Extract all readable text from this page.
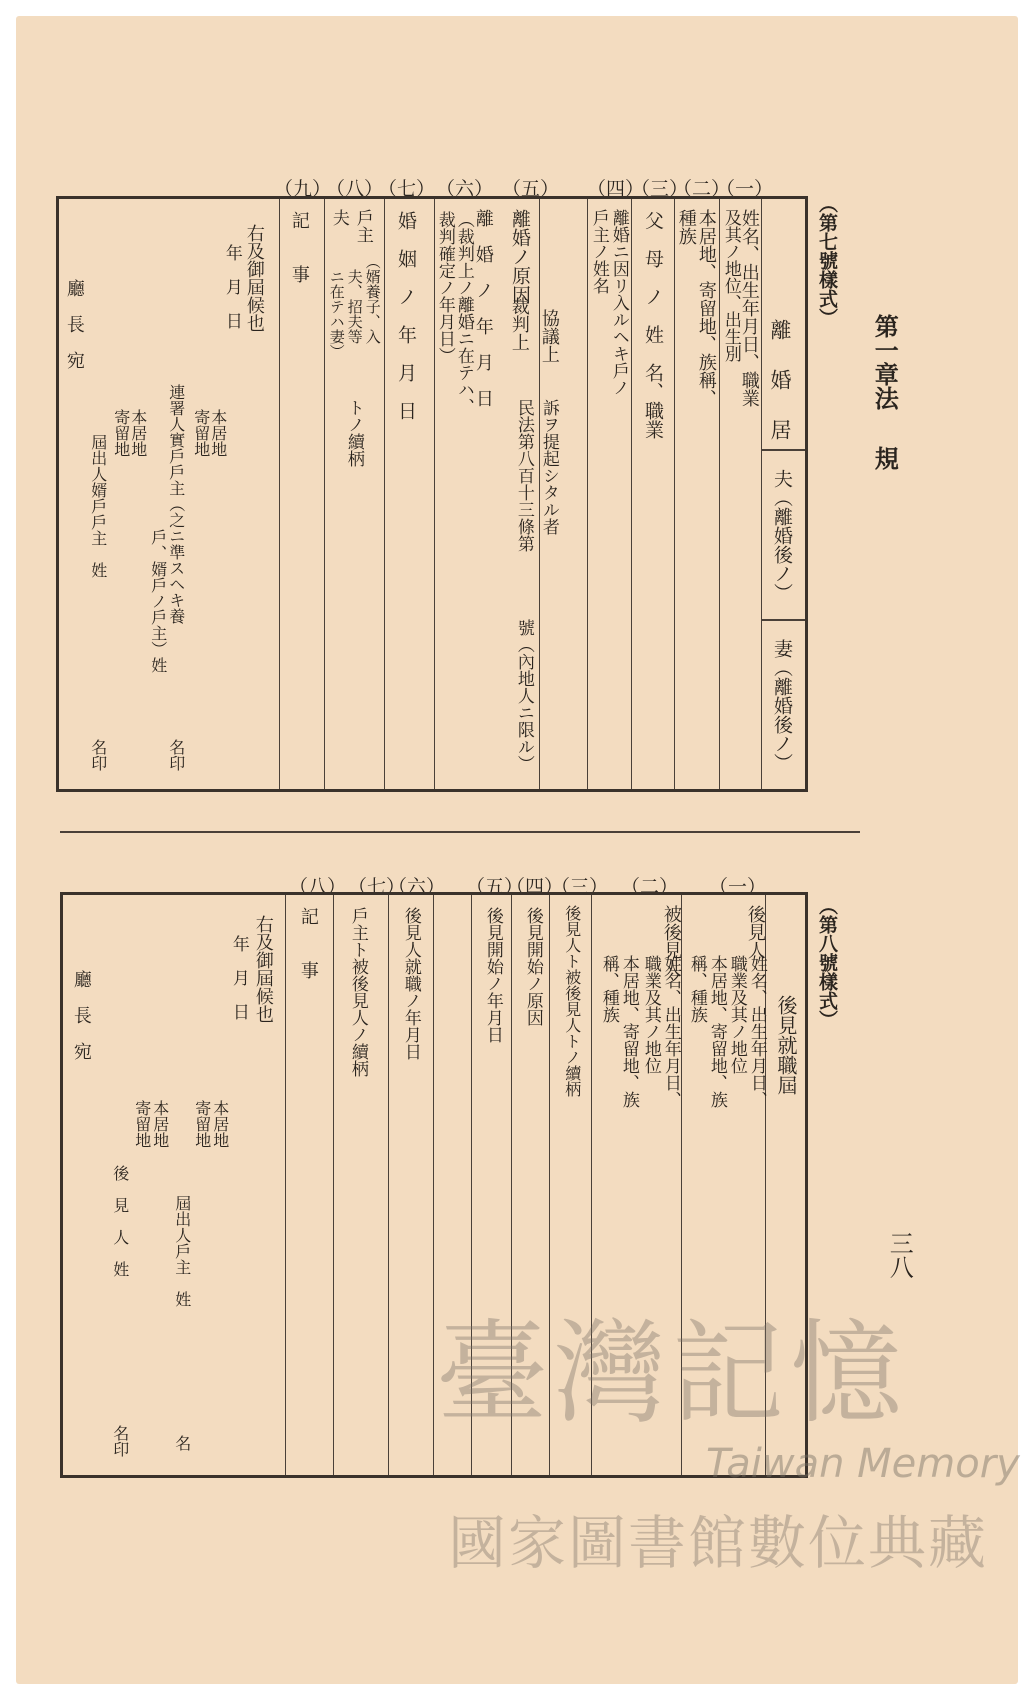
第一章
法　規
三八
（第七號樣式）
（一）
（二）
（三）
（四）
（五）
（六）
（七）
（八）
（九）
離　婚　居
夫（離婚後ノ）
妻（離婚後ノ）
姓名、出生年月日、職業
及其ノ地位、出生別
本居地、寄留地、族稱、
種族
父　母　ノ　姓　名、職業
離婚ニ因リ入ルヘキ戶ノ
戶主ノ姓名
離婚ノ原因
協議上
裁判上
訴ヲ提起シタル者
民法第八百十三條第
號（內地人ニ限ル）
離　婚　ノ　年　月　日
（裁判上ノ離婚ニ在テハ、
裁判確定ノ年月日）
婚　姻　ノ　年　月　日
戶主
夫
（婿養子、入
夫、招夫等
ニ在テハ妻）
トノ續柄
記　　事
右及御屆候也
年　月　日
本居地
寄留地
連署人實戶戶主（之ニ準スヘキ養
戶、婿戶ノ戶主）姓
名印
本居地
寄留地
屆出人婿戶戶主　姓
名印
廳　長　宛
（第八號樣式）
（一）
（二）
（三）
（四）
（五）
（六）
（七）
（八）
後見就職屆
後見人
姓名、出生年月日、
職業及其ノ地位
本居地、寄留地、族
稱、種族
被後見人
姓名、出生年月日、
職業及其ノ地位
本居地、寄留地、族
稱、種族
後見人ト被後見人トノ續柄
後見開始ノ原因
後見開始ノ年月日
後見人就職ノ年月日
戶主ト被後見人ノ續柄
記　　事
右及御屆候也
年　月　日
本居地
寄留地
屆出人戶主　姓
名
本居地
寄留地
後　見　人　姓
名印
廳　長　宛
臺灣記憶
Taiwan Memory
國家圖書館數位典藏
